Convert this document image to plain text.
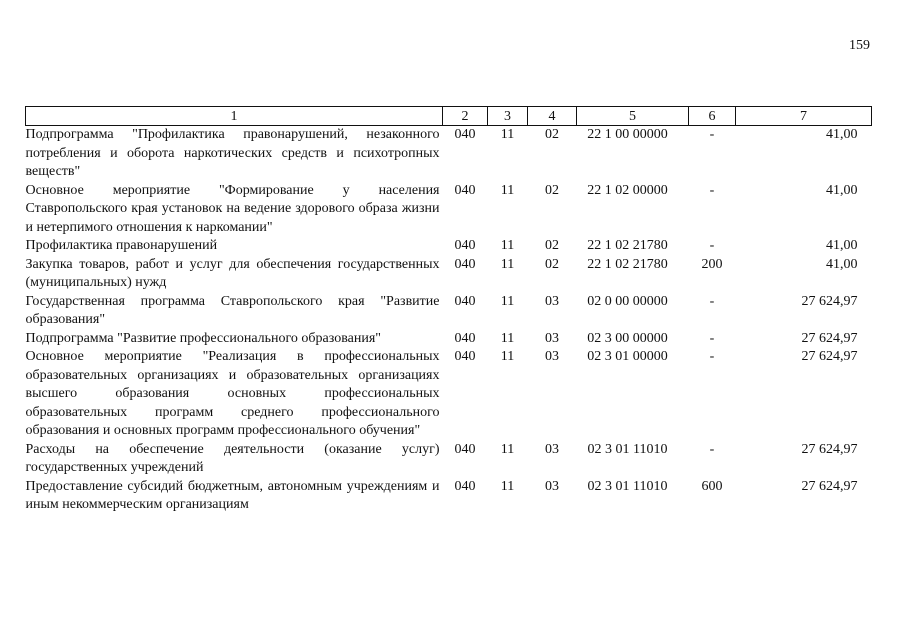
159
1	2	3	4	5	6	7
Подпрограмма "Профилактика правонарушений, незаконного потребления и оборота наркотических средств и психотропных веществ"	040	11	02	22 1 00 00000	-	41,00
Основное мероприятие "Формирование у населения Ставропольского края установок на ведение здорового образа жизни и нетерпимого отношения к наркомании"	040	11	02	22 1 02 00000	-	41,00
Профилактика правонарушений	040	11	02	22 1 02 21780	-	41,00
Закупка товаров, работ и услуг для обеспечения государственных (муниципальных) нужд	040	11	02	22 1 02 21780	200	41,00
Государственная программа Ставропольского края "Развитие образования"	040	11	03	02 0 00 00000	-	27 624,97
Подпрограмма "Развитие профессионального образования"	040	11	03	02 3 00 00000	-	27 624,97
Основное мероприятие "Реализация в профессиональных образовательных организациях и образовательных организациях высшего образования основных профессиональных образовательных программ среднего профессионального образования и основных программ профессионального обучения"	040	11	03	02 3 01 00000	-	27 624,97
Расходы на обеспечение деятельности (оказание услуг) государственных учреждений	040	11	03	02 3 01 11010	-	27 624,97
Предоставление субсидий бюджетным, автономным учреждениям и иным некоммерческим организациям	040	11	03	02 3 01 11010	600	27 624,97
